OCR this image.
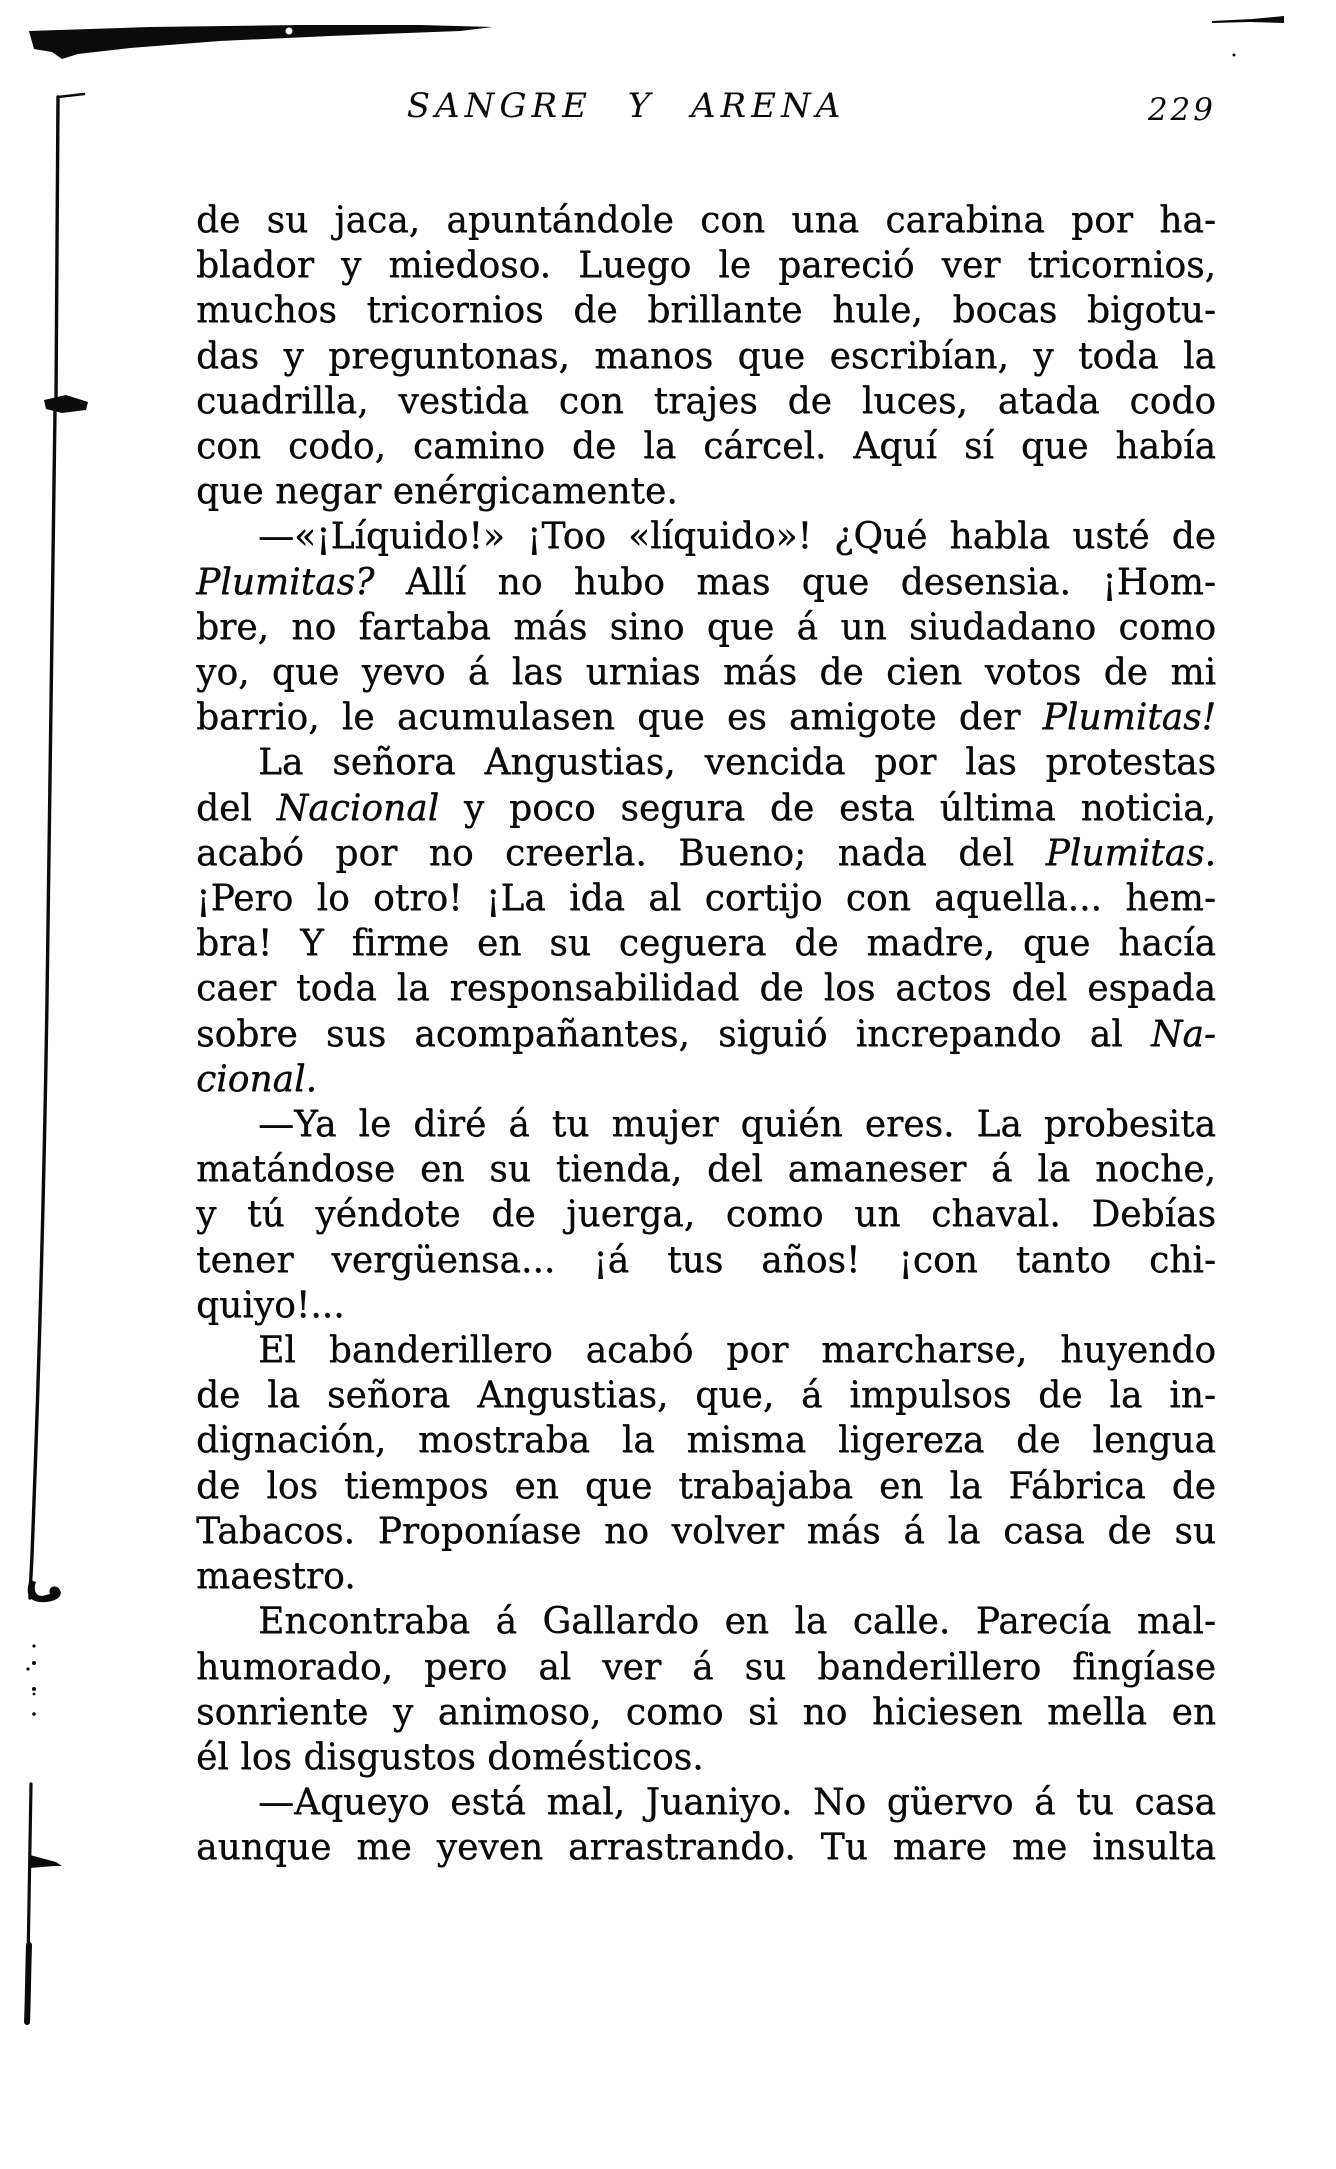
SANGRE Y ARENA	229
de su jaca, apuntándole con una carabina por ha-
blador y miedoso. Luego le pareció ver tricornios,
muchos tricornios de brillante hule, bocas bigotu-
das y preguntonas, manos que escribían, y toda la
cuadrilla, vestida con trajes de luces, atada codo
con codo, camino de la cárcel. Aquí sí que había
que negar enérgicamente.
—«¡Líquido!» ¡Too «líquido»! ¿Qué habla usté de
Plumitas? Allí no hubo mas que desensia. ¡Hom-
bre, no fartaba más sino que á un siudadano como
yo, que yevo á las urnias más de cien votos de mi
barrio, le acumulasen que es amigote der Plumitas!
La señora Angustias, vencida por las protestas
del Nacional y poco segura de esta última noticia,
acabó por no creerla. Bueno; nada del Plumitas.
¡Pero lo otro! ¡La ida al cortijo con aquella... hem-
bra! Y firme en su ceguera de madre, que hacía
caer toda la responsabilidad de los actos del espada
sobre sus acompañantes, siguió increpando al Na-
cional.
—Ya le diré á tu mujer quién eres. La probesita
matándose en su tienda, del amaneser á la noche,
y tú yéndote de juerga, como un chaval. Debías
tener vergüensa... ¡á tus años! ¡con tanto chi-
quiyo!...
El banderillero acabó por marcharse, huyendo
de la señora Angustias, que, á impulsos de la in-
dignación, mostraba la misma ligereza de lengua
de los tiempos en que trabajaba en la Fábrica de
Tabacos. Proponíase no volver más á la casa de su
maestro.
Encontraba á Gallardo en la calle. Parecía mal-
humorado, pero al ver á su banderillero fingíase
sonriente y animoso, como si no hiciesen mella en
él los disgustos domésticos.
—Aqueyo está mal, Juaniyo. No güervo á tu casa
aunque me yeven arrastrando. Tu mare me insulta
